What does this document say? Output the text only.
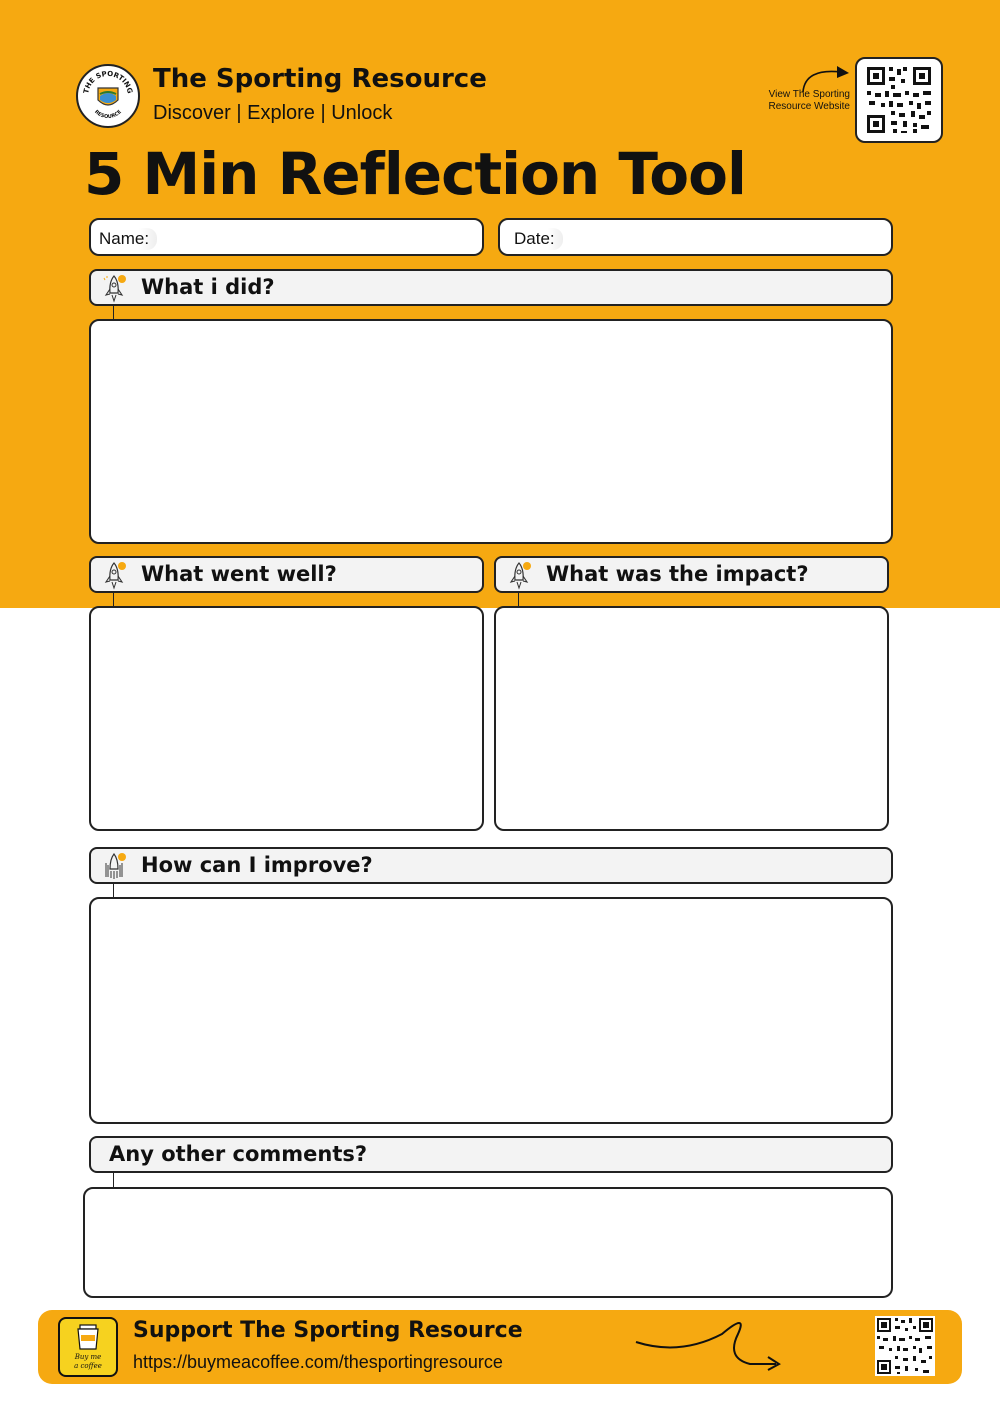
THE SPORTING
RESOURCE
The Sporting Resource
Discover | Explore | Unlock
View The Sporting Resource Website
5 Min Reflection Tool
Name:	Date:
What i did?
What went well?	What was the impact?
How can I improve?
Any other comments?
Buy me
a coffee
Support The Sporting Resource
https://buymeacoffee.com/thesportingresource
